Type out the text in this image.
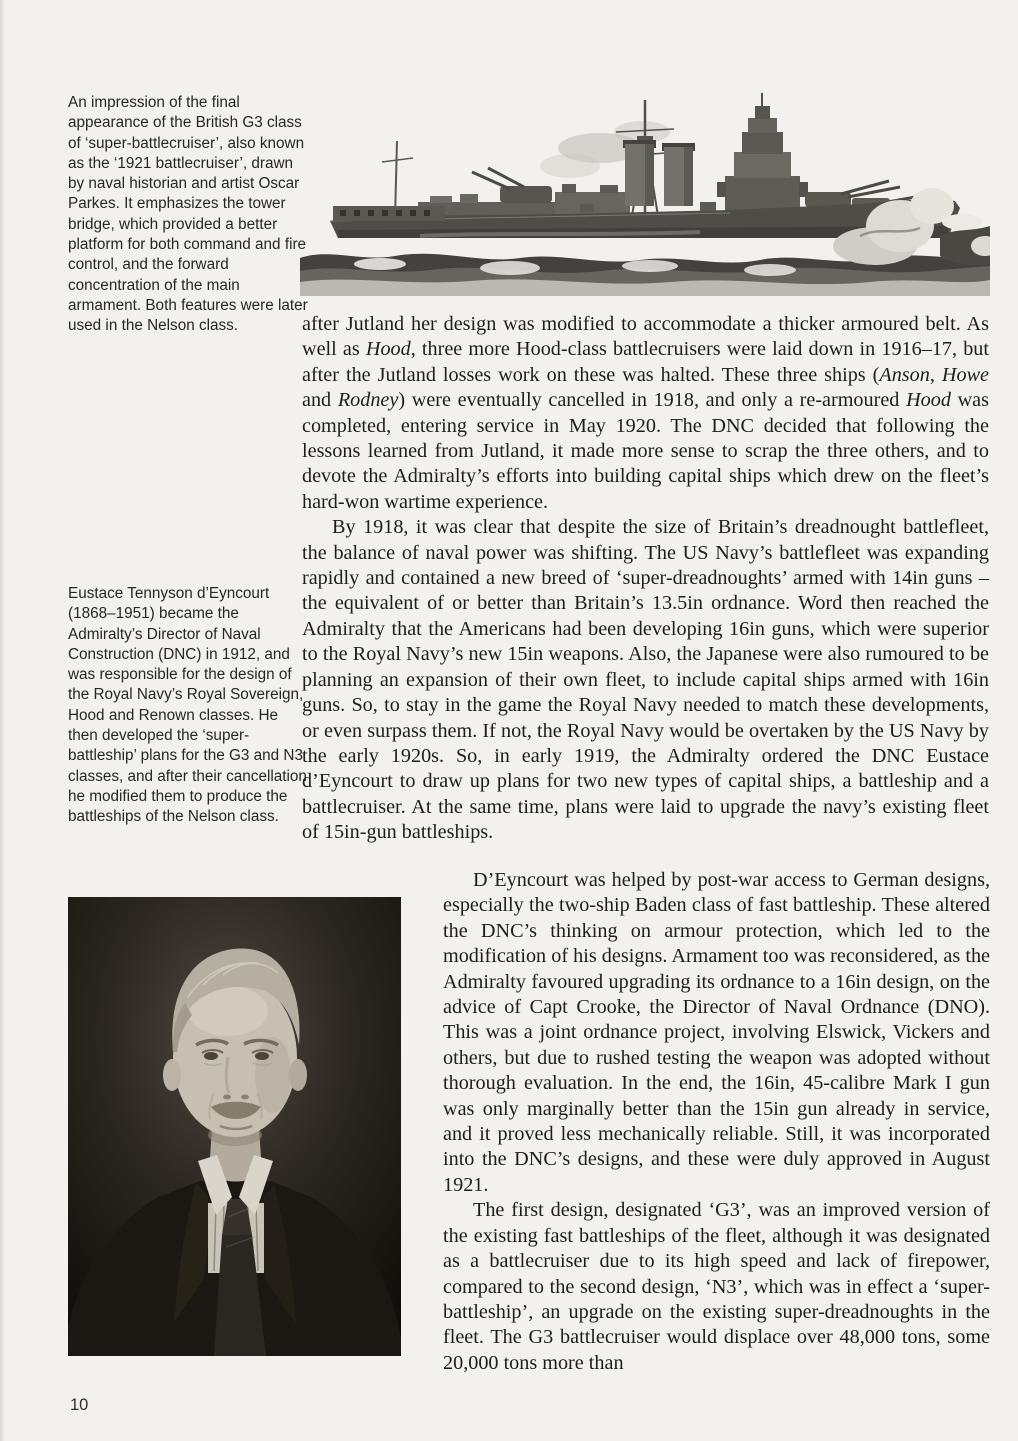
An impression of the final appearance of the British G3 class of ‘super-battlecruiser’, also known as the ‘1921 battlecruiser’, drawn by naval historian and artist Oscar Parkes. It emphasizes the tower bridge, which provided a better platform for both command and fire control, and the forward concentration of the main armament. Both features were later used in the Nelson class.
Eustace Tennyson d’Eyncourt (1868–1951) became the Admiralty’s Director of Naval Construction (DNC) in 1912, and was responsible for the design of the Royal Navy’s Royal Sovereign, Hood and Renown classes. He then developed the ‘super-battleship’ plans for the G3 and N3 classes, and after their cancellation he modified them to produce the battleships of the Nelson class.

after Jutland her design was modified to accommodate a thicker armoured belt. As well as Hood, three more Hood-class battlecruisers were laid down in 1916–17, but after the Jutland losses work on these was halted. These three ships (Anson, Howe and Rodney) were eventually cancelled in 1918, and only a re-armoured Hood was completed, entering service in May 1920. The DNC decided that following the lessons learned from Jutland, it made more sense to scrap the three others, and to devote the Admiralty’s efforts into building capital ships which drew on the fleet’s hard-won wartime experience.

By 1918, it was clear that despite the size of Britain’s dreadnought battlefleet, the balance of naval power was shifting. The US Navy’s battlefleet was expanding rapidly and contained a new breed of ‘super-dreadnoughts’ armed with 14in guns – the equivalent of or better than Britain’s 13.5in ordnance. Word then reached the Admiralty that the Americans had been developing 16in guns, which were superior to the Royal Navy’s new 15in weapons. Also, the Japanese were also rumoured to be planning an expansion of their own fleet, to include capital ships armed with 16in guns. So, to stay in the game the Royal Navy needed to match these developments, or even surpass them. If not, the Royal Navy would be overtaken by the US Navy by the early 1920s. So, in early 1919, the Admiralty ordered the DNC Eustace d’Eyncourt to draw up plans for two new types of capital ships, a battleship and a battlecruiser. At the same time, plans were laid to upgrade the navy’s existing fleet of 15in-gun battleships.

D’Eyncourt was helped by post-war access to German designs, especially the two-ship Baden class of fast battleship. These altered the DNC’s thinking on armour protection, which led to the modification of his designs. Armament too was reconsidered, as the Admiralty favoured upgrading its ordnance to a 16in design, on the advice of Capt Crooke, the Director of Naval Ordnance (DNO). This was a joint ordnance project, involving Elswick, Vickers and others, but due to rushed testing the weapon was adopted without thorough evaluation. In the end, the 16in, 45-calibre Mark I gun was only marginally better than the 15in gun already in service, and it proved less mechanically reliable. Still, it was incorporated into the DNC’s designs, and these were duly approved in August 1921.

The first design, designated ‘G3’, was an improved version of the existing fast battleships of the fleet, although it was designated as a battlecruiser due to its high speed and lack of firepower, compared to the second design, ‘N3’, which was in effect a ‘super-battleship’, an upgrade on the existing super-dreadnoughts in the fleet. The G3 battlecruiser would displace over 48,000 tons, some 20,000 tons more than

10
